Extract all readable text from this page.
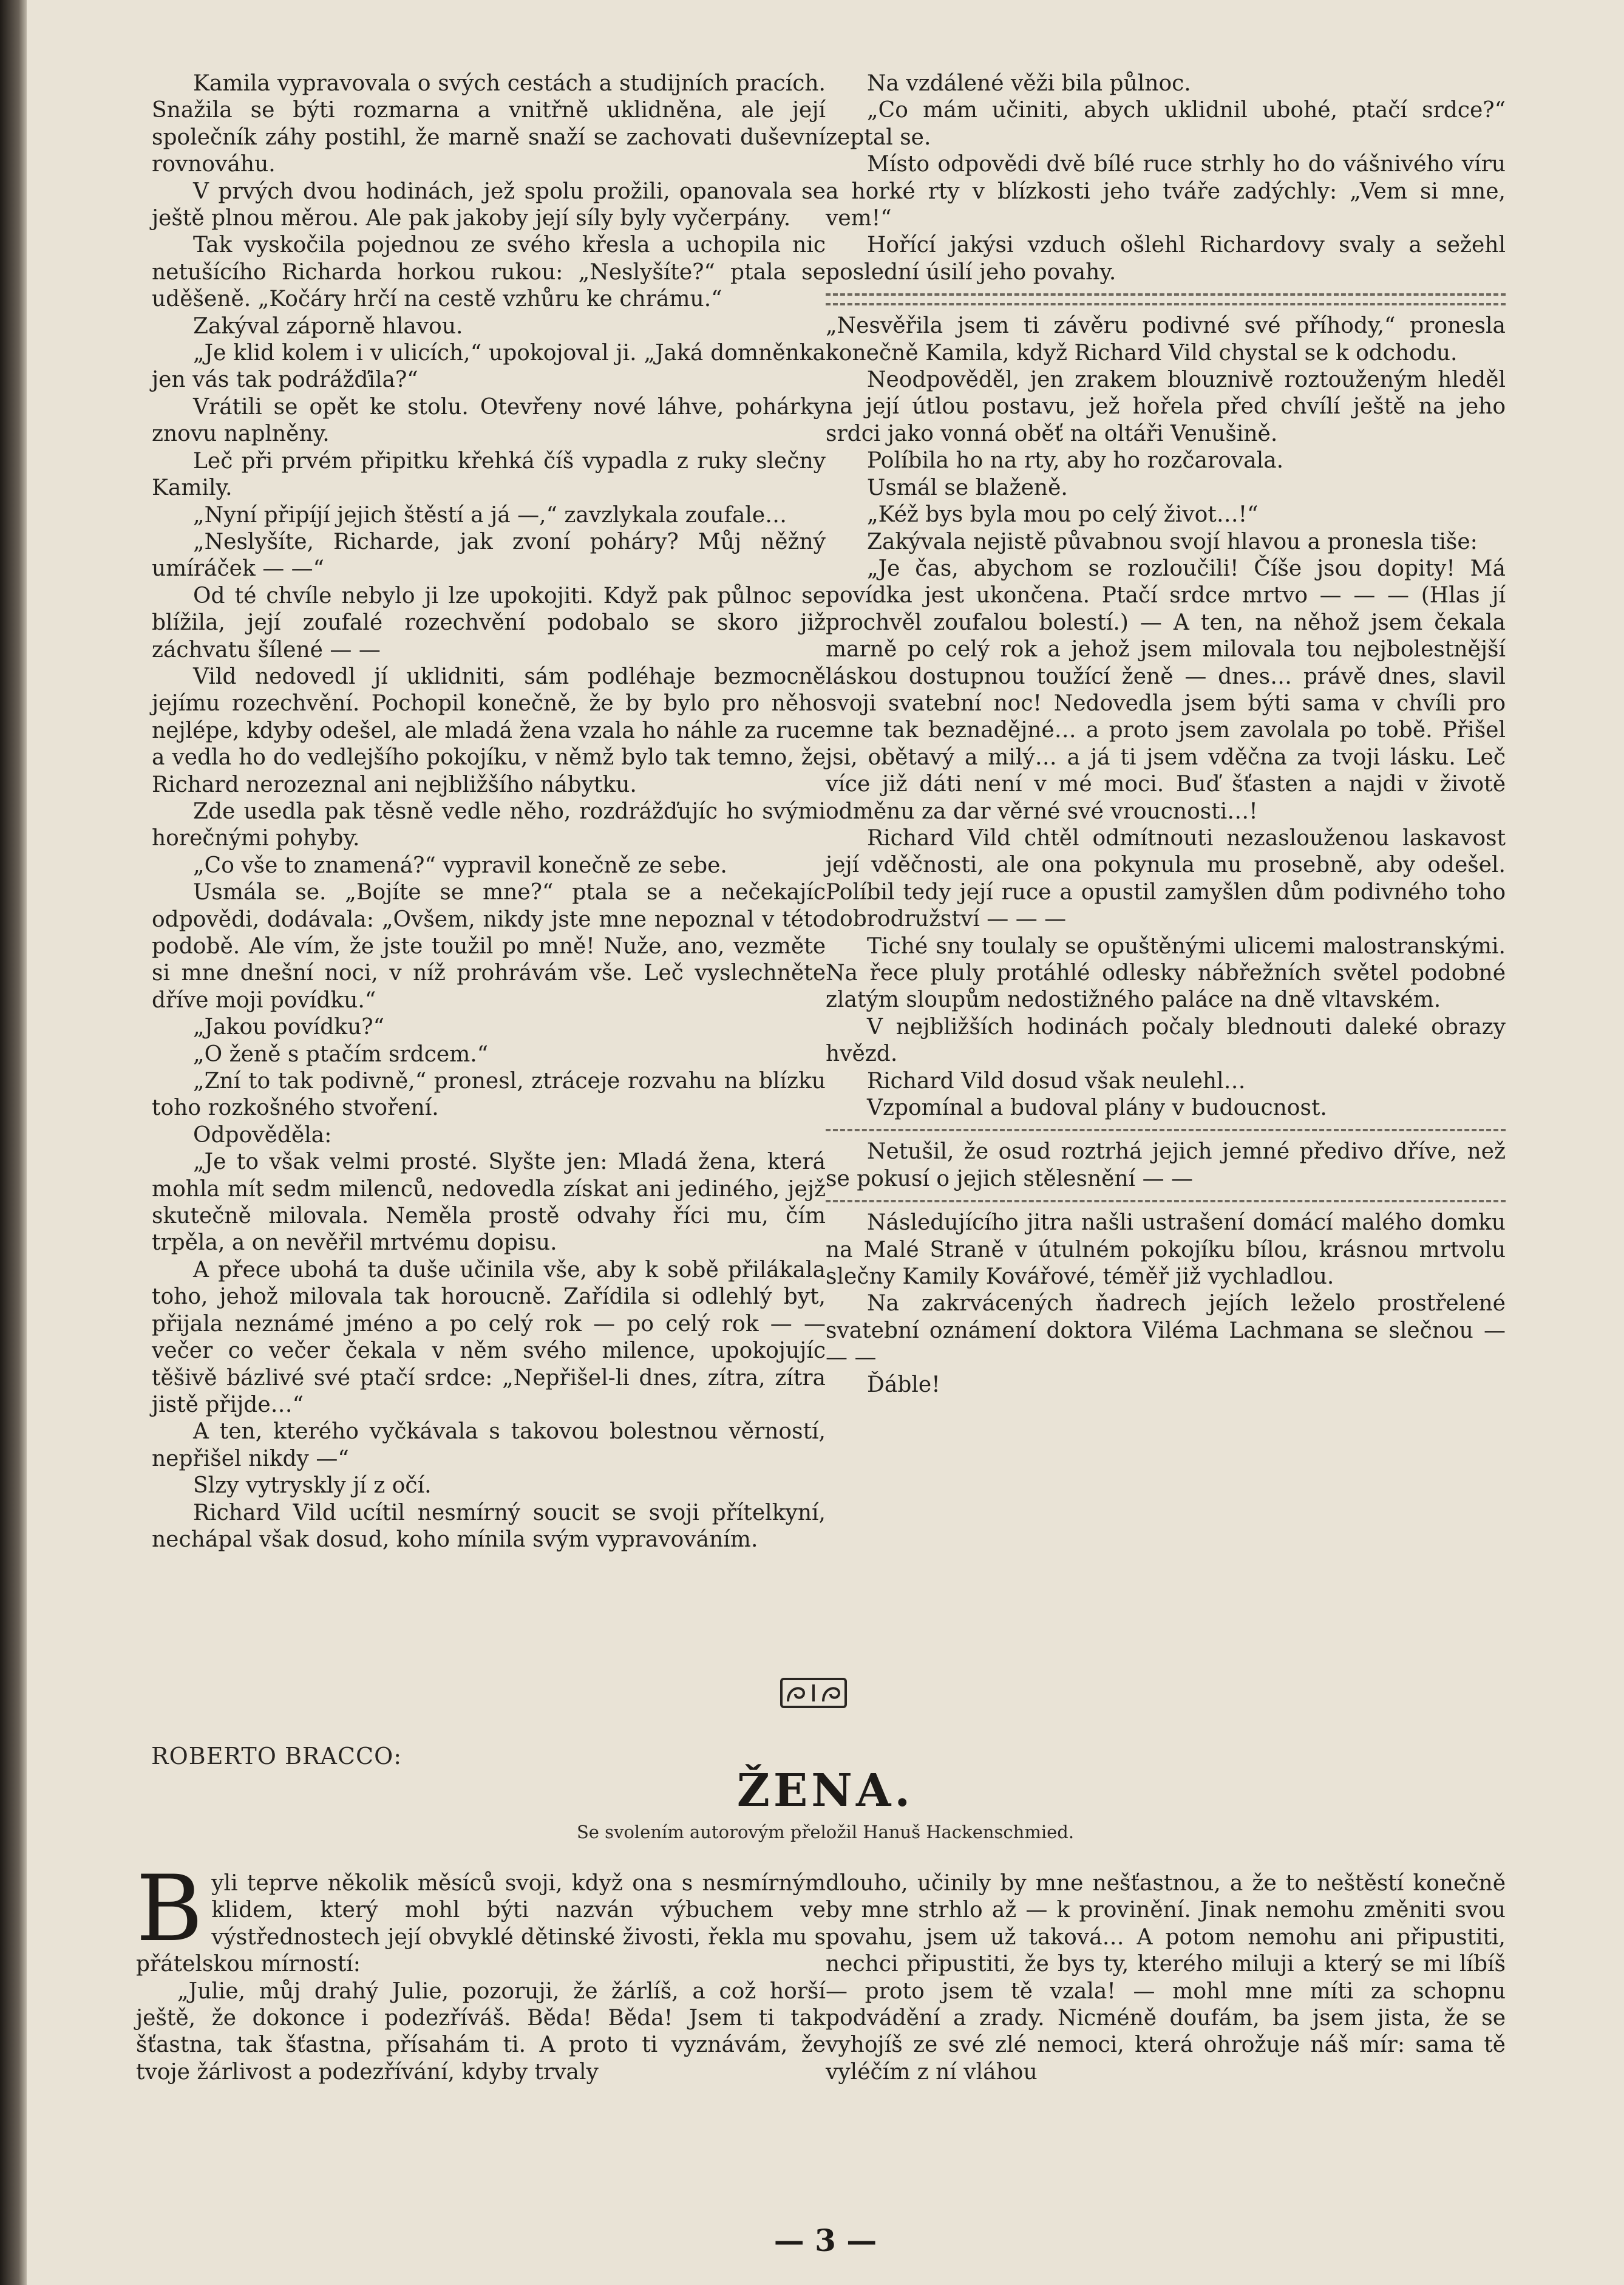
Kamila vypravovala o svých cestách a studijních pracích. Snažila se býti rozmarna a vnitřně uklidněna, ale její společník záhy postihl, že marně snaží se zachovati duševní rovnováhu.

V prvých dvou hodinách, jež spolu prožili, opanovala se ještě plnou měrou. Ale pak jakoby její síly byly vyčerpány.

Tak vyskočila pojednou ze svého křesla a uchopila nic netušícího Richarda horkou rukou: „Neslyšíte?“ ptala se uděšeně. „Kočáry hrčí na cestě vzhůru ke chrámu.“

Zakýval záporně hlavou.

„Je klid kolem i v ulicích,“ upokojoval ji. „Jaká domněnka jen vás tak podrážďila?“

Vrátili se opět ke stolu. Otevřeny nové láhve, pohárky znovu naplněny.

Leč při prvém připitku křehká číš vypadla z ruky slečny Kamily.

„Nyní připíjí jejich štěstí a já —,“ zavzlykala zoufale…

„Neslyšíte, Richarde, jak zvoní poháry? Můj něžný umíráček — —“

Od té chvíle nebylo ji lze upokojiti. Když pak půlnoc se blížila, její zoufalé rozechvění podobalo se skoro již záchvatu šílené — —

Vild nedovedl jí uklidniti, sám podléhaje bezmocně jejímu rozechvění. Pochopil konečně, že by bylo pro něho nejlépe, kdyby odešel, ale mladá žena vzala ho náhle za ruce a vedla ho do vedlejšího pokojíku, v němž bylo tak temno, že Richard nerozeznal ani nejbližšího nábytku.

Zde usedla pak těsně vedle něho, rozdrážďujíc ho svými horečnými pohyby.

„Co vše to znamená?“ vypravil konečně ze sebe.

Usmála se. „Bojíte se mne?“ ptala se a nečekajíc odpovědi, dodávala: „Ovšem, nikdy jste mne nepoznal v této podobě. Ale vím, že jste toužil po mně! Nuže, ano, vezměte si mne dnešní noci, v níž prohrávám vše. Leč vyslechněte dříve moji povídku.“

„Jakou povídku?“

„O ženě s ptačím srdcem.“

„Zní to tak podivně,“ pronesl, ztráceje rozvahu na blízku toho rozkošného stvoření.

Odpověděla:

„Je to však velmi prosté. Slyšte jen: Mladá žena, která mohla mít sedm milenců, nedovedla získat ani jediného, jejž skutečně milovala. Neměla prostě odvahy říci mu, čím trpěla, a on nevěřil mrtvému dopisu.

A přece ubohá ta duše učinila vše, aby k sobě přilákala toho, jehož milovala tak horoucně. Zařídila si odlehlý byt, přijala neznámé jméno a po celý rok — po celý rok — — večer co večer čekala v něm svého milence, upokojujíc těšivě bázlivé své ptačí srdce: „Nepřišel-li dnes, zítra, zítra jistě přijde…“

A ten, kterého vyčkávala s takovou bolestnou věrností, nepřišel nikdy —“

Slzy vytryskly jí z očí.

Richard Vild ucítil nesmírný soucit se svoji přítelkyní, nechápal však dosud, koho mínila svým vypravováním.

Na vzdálené věži bila půlnoc.

„Co mám učiniti, abych uklidnil ubohé, ptačí srdce?“ zeptal se.

Místo odpovědi dvě bílé ruce strhly ho do vášnivého víru a horké rty v blízkosti jeho tváře zadýchly: „Vem si mne, vem!“

Hořící jakýsi vzduch ošlehl Richardovy svaly a sežehl poslední úsilí jeho povahy.

„Nesvěřila jsem ti závěru podivné své příhody,“ pronesla konečně Kamila, když Richard Vild chystal se k odchodu.

Neodpověděl, jen zrakem blouznivě roztouženým hleděl na její útlou postavu, jež hořela před chvílí ještě na jeho srdci jako vonná oběť na oltáři Venušině.

Políbila ho na rty, aby ho rozčarovala.

Usmál se blaženě.

„Kéž bys byla mou po celý život…!“

Zakývala nejistě půvabnou svojí hlavou a pronesla tiše:

„Je čas, abychom se rozloučili! Číše jsou dopity! Má povídka jest ukončena. Ptačí srdce mrtvo — — — (Hlas jí prochvěl zoufalou bolestí.) — A ten, na něhož jsem čekala marně po celý rok a jehož jsem milovala tou nejbolestnější láskou dostupnou toužící ženě — dnes… právě dnes, slavil svoji svatební noc! Nedovedla jsem býti sama v chvíli pro mne tak beznadějné… a proto jsem zavolala po tobě. Přišel jsi, obětavý a milý… a já ti jsem vděčna za tvoji lásku. Leč více již dáti není v mé moci. Buď šťasten a najdi v životě odměnu za dar věrné své vroucnosti…!

Richard Vild chtěl odmítnouti nezaslouženou laskavost její vděčnosti, ale ona pokynula mu prosebně, aby odešel. Políbil tedy její ruce a opustil zamyšlen dům podivného toho dobrodružství — — —

Tiché sny toulaly se opuštěnými ulicemi malostranskými. Na řece pluly protáhlé odlesky nábřežních světel podobné zlatým sloupům nedostižného paláce na dně vltavském.

V nejbližších hodinách počaly blednouti daleké obrazy hvězd.

Richard Vild dosud však neulehl…

Vzpomínal a budoval plány v budoucnost.

Netušil, že osud roztrhá jejich jemné předivo dříve, než se pokusí o jejich stělesnění — —

Následujícího jitra našli ustrašení domácí malého domku na Malé Straně v útulném pokojíku bílou, krásnou mrtvolu slečny Kamily Kovářové, téměř již vychladlou.

Na zakrvácených ňadrech jejích leželo prostřelené svatební oznámení doktora Viléma Lachmana se slečnou — — —

Ďáble!

ROBERTO BRACCO:
ŽENA.
Se svolením autorovým přeložil Hanuš Hackenschmied.

Byli teprve několik měsíců svoji, když ona s nesmírným klidem, který mohl býti nazván výbuchem ve výstřednostech její obvyklé dětinské živosti, řekla mu s přátelskou mírností:

„Julie, můj drahý Julie, pozoruji, že žárlíš, a což horší ještě, že dokonce i podezříváš. Běda! Běda! Jsem ti tak šťastna, tak šťastna, přísahám ti. A proto ti vyznávám, že tvoje žárlivost a podezřívání, kdyby trvaly

dlouho, učinily by mne nešťastnou, a že to neštěstí konečně by mne strhlo až — k provinění. Jinak nemohu změniti svou povahu, jsem už taková… A potom nemohu ani připustiti, nechci připustiti, že bys ty, kterého miluji a který se mi líbíš — proto jsem tě vzala! — mohl mne míti za schopnu podvádění a zrady. Nicméně doufám, ba jsem jista, že se vyhojíš ze své zlé nemoci, která ohrožuje náš mír: sama tě vyléčím z ní vláhou

— 3 —
